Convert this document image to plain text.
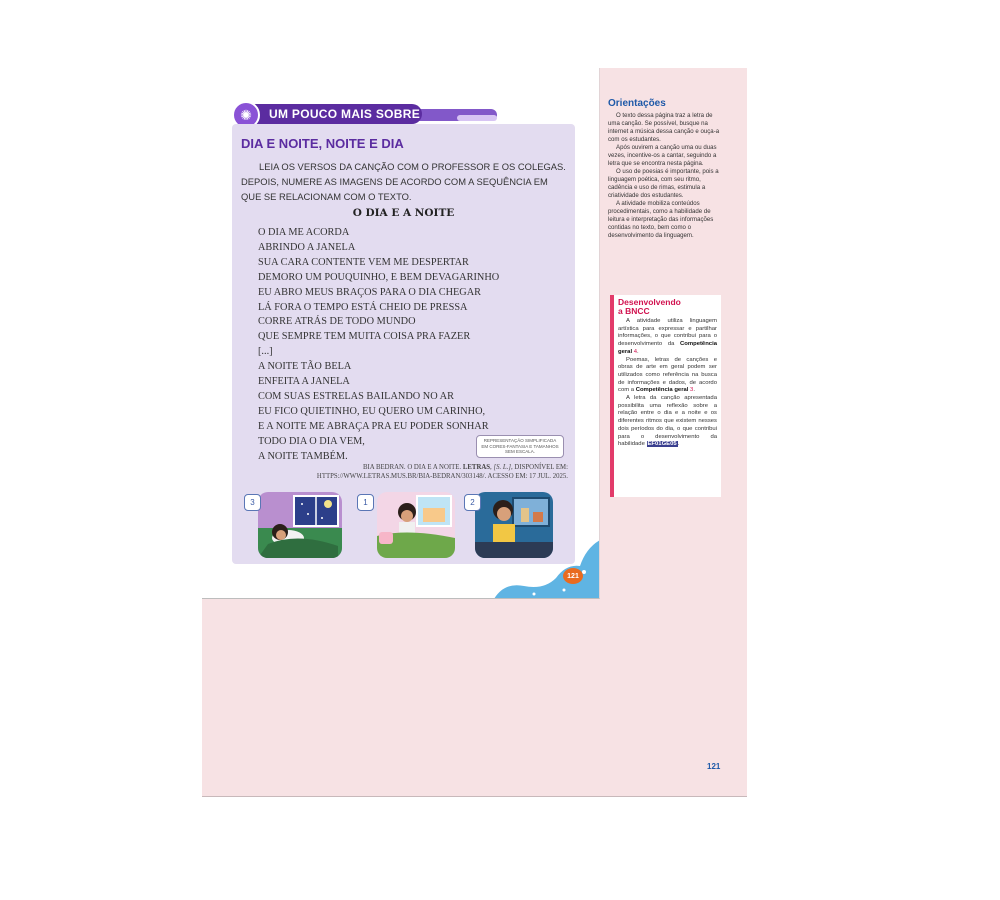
✺	UM POUCO MAIS SOBRE
DIA E NOITE, NOITE E DIA

LEIA OS VERSOS DA CANÇÃO COM O PROFESSOR E OS COLEGAS. DEPOIS, NUMERE AS IMAGENS DE ACORDO COM A SEQUÊNCIA EM QUE SE RELACIONAM COM O TEXTO.

O DIA E A NOITE
O DIA ME ACORDA
ABRINDO A JANELA
SUA CARA CONTENTE VEM ME DESPERTAR
DEMORO UM POUQUINHO, E BEM DEVAGARINHO
EU ABRO MEUS BRAÇOS PARA O DIA CHEGAR
LÁ FORA O TEMPO ESTÁ CHEIO DE PRESSA
CORRE ATRÁS DE TODO MUNDO
QUE SEMPRE TEM MUITA COISA PRA FAZER
[...]
A NOITE TÃO BELA
ENFEITA A JANELA
COM SUAS ESTRELAS BAILANDO NO AR
EU FICO QUIETINHO, EU QUERO UM CARINHO,
E A NOITE ME ABRAÇA PRA EU PODER SONHAR
TODO DIA O DIA VEM,
A NOITE TAMBÉM.
REPRESENTAÇÃO SIMPLIFICADA EM CORES-FANTASIA E TAMANHOS SEM ESCALA.
BIA BEDRAN. O DIA E A NOITE. LETRAS, [S. L.], DISPONÍVEL EM: HTTPS://WWW.LETRAS.MUS.BR/BIA-BEDRAN/303148/. ACESSO EM: 17 JUL. 2025.
3	1	2
121
Orientações

O texto dessa página traz a letra de uma canção. Se possível, busque na internet a música dessa canção e ouça-a com os estudantes.

Após ouvirem a canção uma ou duas vezes, incentive-os a cantar, seguindo a letra que se encontra nesta página.

O uso de poesias é importante, pois a linguagem poética, com seu ritmo, cadência e uso de rimas, estimula a criatividade dos estudantes.

A atividade mobiliza conteúdos procedimentais, como a habilidade de leitura e interpretação das informações contidas no texto, bem como o desenvolvimento da linguagem.

Desenvolvendo
a BNCC

A atividade utiliza linguagem artística para expressar e partilhar informações, o que contribui para o desenvolvimento da Competência geral 4.

Poemas, letras de canções e obras de arte em geral podem ser utilizados como referência na busca de informações e dados, de acordo com a Competência geral 3.

A letra da canção apresentada possibilita uma reflexão sobre a relação entre o dia e a noite e os diferentes ritmos que existem nesses dois períodos do dia, o que contribui para o desenvolvimento da habilidade EF01GE05.

121
